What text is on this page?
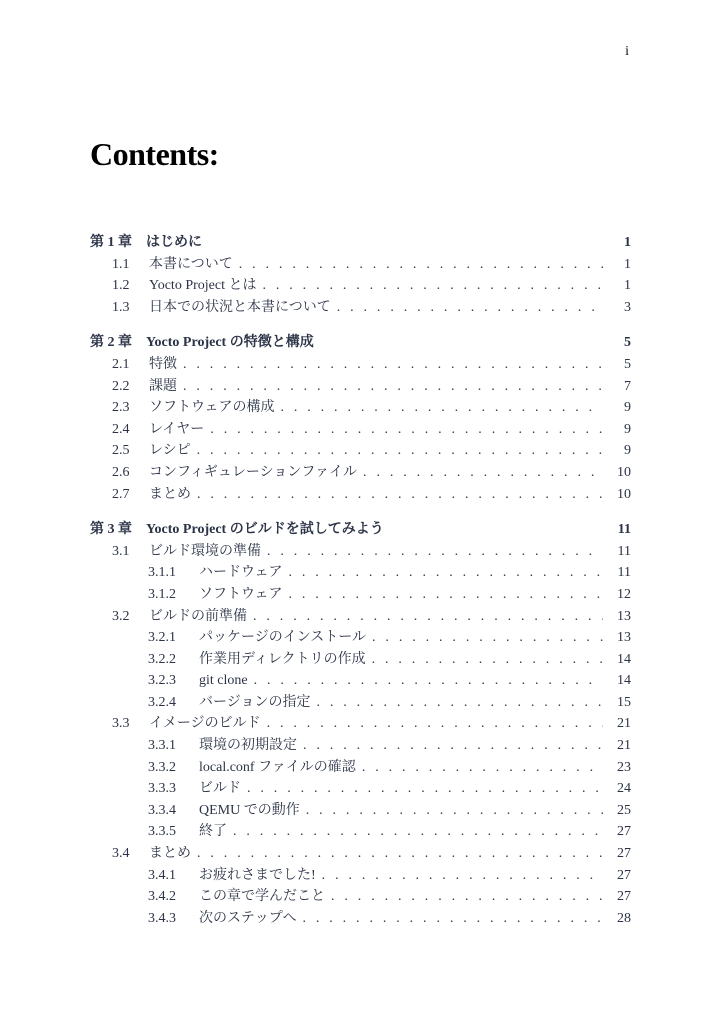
i
Contents:
第 1 章	はじめに	1
1.1	本書について . . .	1
1.2	Yocto Project とは . . .	1
1.3	日本での状況と本書について . . .	3
第 2 章	Yocto Project の特徴と構成	5
2.1	特徴 . . .	5
2.2	課題 . . .	7
2.3	ソフトウェアの構成 . . .	9
2.4	レイヤー . . .	9
2.5	レシピ . . .	9
2.6	コンフィギュレーションファイル . . .	10
2.7	まとめ . . .	10
第 3 章	Yocto Project のビルドを試してみよう	11
3.1	ビルド環境の準備 . . .	11
3.1.1	ハードウェア . . .	11
3.1.2	ソフトウェア . . .	12
3.2	ビルドの前準備 . . .	13
3.2.1	パッケージのインストール . . .	13
3.2.2	作業用ディレクトリの作成 . . .	14
3.2.3	git clone . . .	14
3.2.4	バージョンの指定 . . .	15
3.3	イメージのビルド . . .	21
3.3.1	環境の初期設定 . . .	21
3.3.2	local.conf ファイルの確認 . . .	23
3.3.3	ビルド . . .	24
3.3.4	QEMU での動作 . . .	25
3.3.5	終了 . . .	27
3.4	まとめ . . .	27
3.4.1	お疲れさまでした! . . .	27
3.4.2	この章で学んだこと . . .	27
3.4.3	次のステップへ . . .	28
